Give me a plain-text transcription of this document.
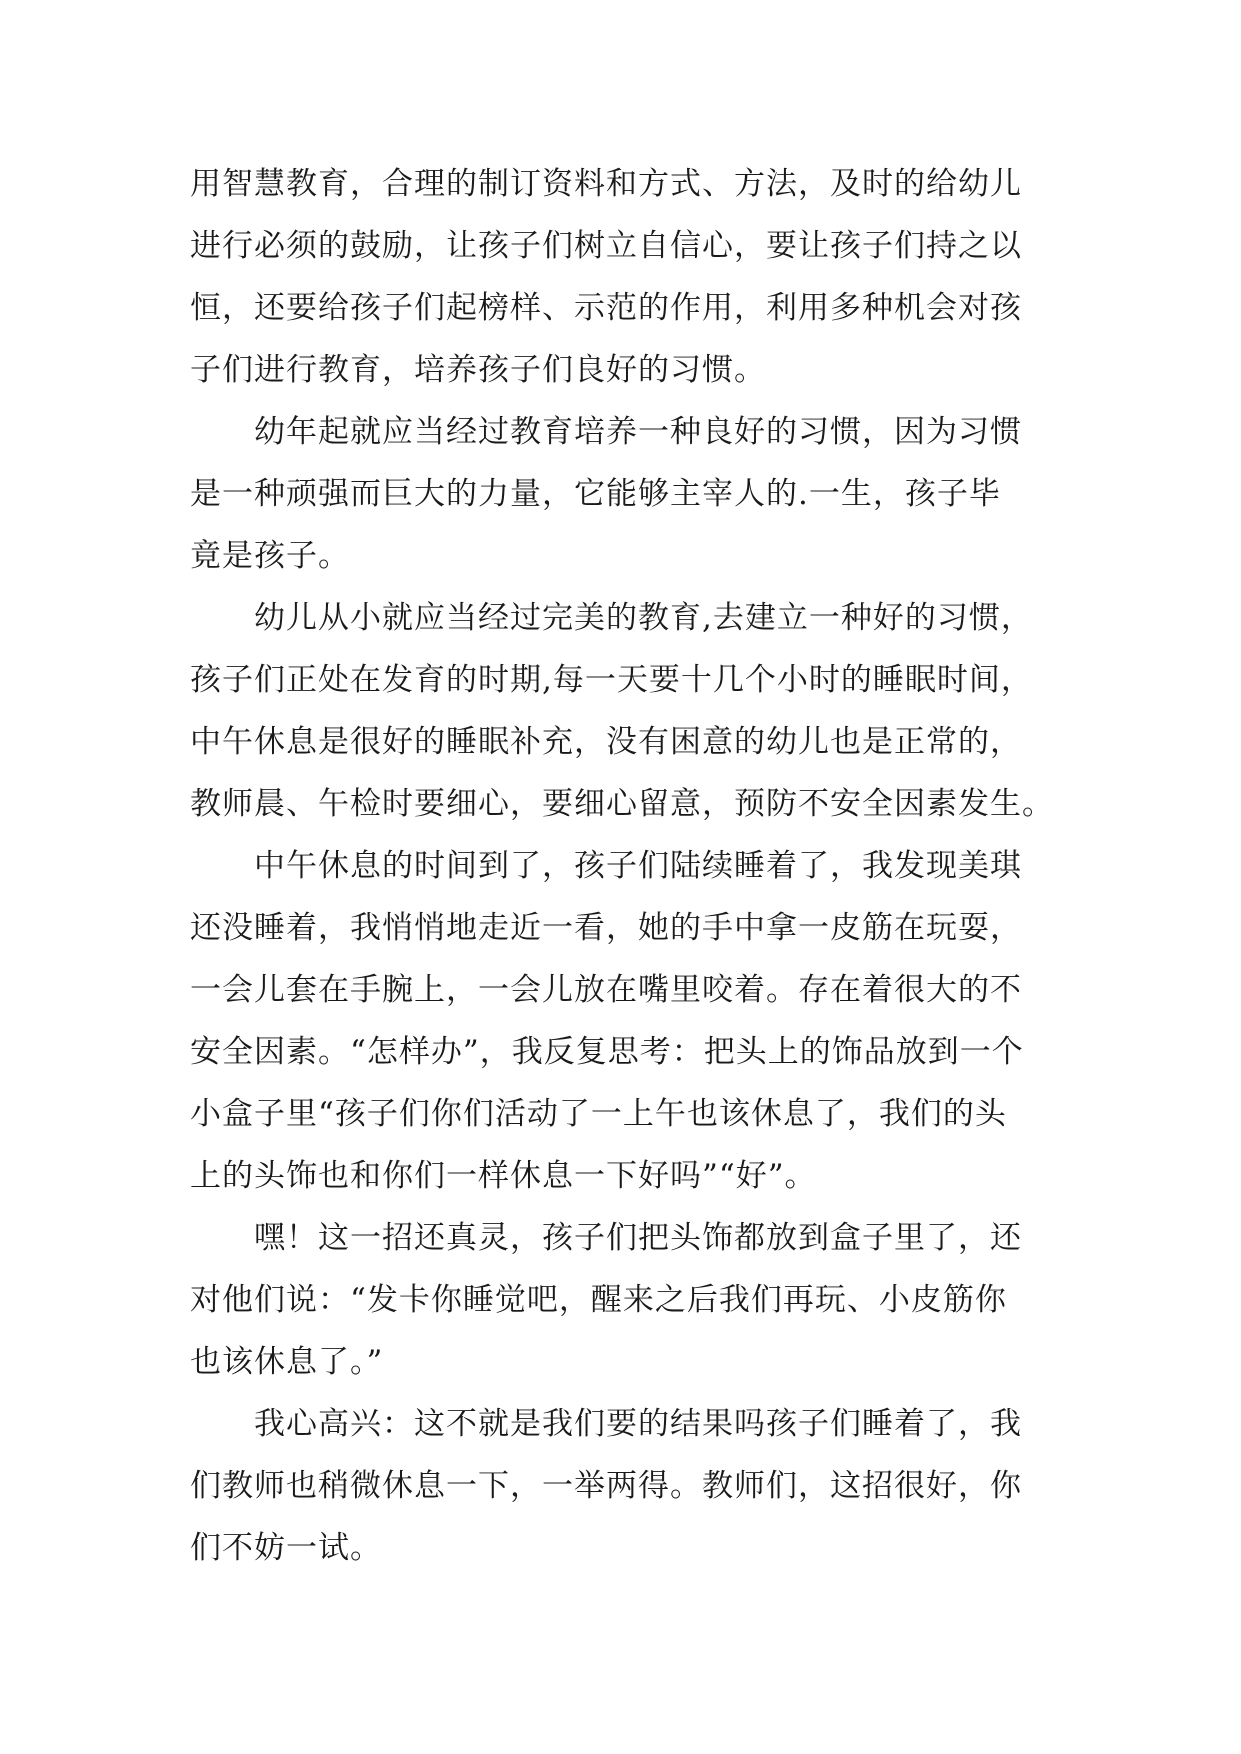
用智慧教育，合理的制订资料和方式、方法，及时的给幼儿
进行必须的鼓励，让孩子们树立自信心，要让孩子们持之以
恒，还要给孩子们起榜样、示范的作用，利用多种机会对孩
子们进行教育，培养孩子们良好的习惯。
幼年起就应当经过教育培养一种良好的习惯，因为习惯
是一种顽强而巨大的力量，它能够主宰人的.一生，孩子毕
竟是孩子。
幼儿从小就应当经过完美的教育,去建立一种好的习惯，
孩子们正处在发育的时期,每一天要十几个小时的睡眠时间，
中午休息是很好的睡眠补充，没有困意的幼儿也是正常的，
教师晨、午检时要细心，要细心留意，预防不安全因素发生。
中午休息的时间到了，孩子们陆续睡着了，我发现美琪
还没睡着，我悄悄地走近一看，她的手中拿一皮筋在玩耍，
一会儿套在手腕上，一会儿放在嘴里咬着。存在着很大的不
安全因素。“怎样办”，我反复思考：把头上的饰品放到一个
小盒子里“孩子们你们活动了一上午也该休息了，我们的头
上的头饰也和你们一样休息一下好吗”“好”。
嘿！这一招还真灵，孩子们把头饰都放到盒子里了，还
对他们说：“发卡你睡觉吧，醒来之后我们再玩、小皮筋你
也该休息了。”
我心高兴：这不就是我们要的结果吗孩子们睡着了，我
们教师也稍微休息一下，一举两得。教师们，这招很好，你
们不妨一试。
